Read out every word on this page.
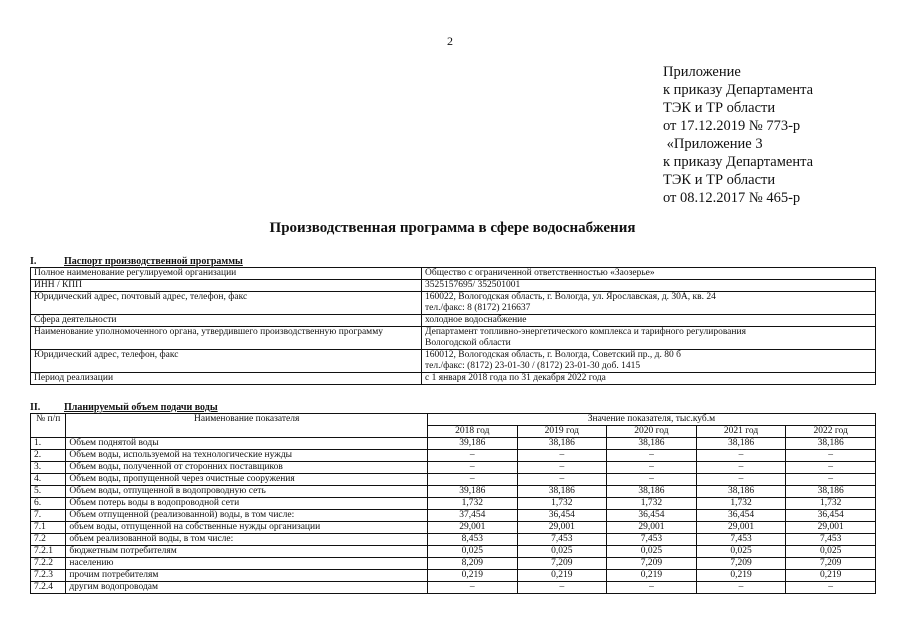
2
Приложение
к приказу Департамента
ТЭК и ТР области
от 17.12.2019 № 773-р
«Приложение 3
к приказу Департамента
ТЭК и ТР области
от 08.12.2017 № 465-р
Производственная программа в сфере водоснабжения
I.	Паспорт производственной программы
Полное наименование регулируемой организации	Общество с ограниченной ответственностью «Заозерье»

ИНН / КПП	3525157695/ 352501001

Юридический адрес, почтовый адрес, телефон, факс	160022, Вологодская область, г. Вологда, ул. Ярославская, д. 30А, кв. 24
тел./факс: 8 (8172) 216637

Сфера деятельности	холодное водоснабжение

Наименование уполномоченного органа, утвердившего производственную программу	Департамент топливно-энергетического комплекса и тарифного регулирования
Вологодской области

Юридический адрес, телефон, факс	160012, Вологодская область, г. Вологда, Советский пр., д. 80 б
тел./факс: (8172) 23-01-30 / (8172) 23-01-30 доб. 1415

Период реализации	с 1 января 2018 года по 31 декабря 2022 года
II. Планируемый объем подачи воды
№ п/п	Наименование показателя	Значение показателя, тыс.куб.м				
		2018 год	2019 год	2020 год	2021 год	2022 год
1.	Объем поднятой воды	39,186	38,186	38,186	38,186	38,186
2.	Объем воды, используемой на технологические нужды	–	–	–	–	–
3.	Объем воды, полученной от сторонних поставщиков	–	–	–	–	–
4.	Объем воды, пропущенной через очистные сооружения	–	–	–	–	–
5.	Объем воды, отпущенной в водопроводную сеть	39,186	38,186	38,186	38,186	38,186
6.	Объем потерь воды в водопроводной сети	1,732	1,732	1,732	1,732	1,732
7.	Объем отпущенной (реализованной) воды, в том числе:	37,454	36,454	36,454	36,454	36,454
7.1	объем воды, отпущенной на собственные нужды организации	29,001	29,001	29,001	29,001	29,001
7.2	объем реализованной воды, в том числе:	8,453	7,453	7,453	7,453	7,453
7.2.1	бюджетным потребителям	0,025	0,025	0,025	0,025	0,025
7.2.2	населению	8,209	7,209	7,209	7,209	7,209
7.2.3	прочим потребителям	0,219	0,219	0,219	0,219	0,219
7.2.4	другим водопроводам	–	–	–	–	–
